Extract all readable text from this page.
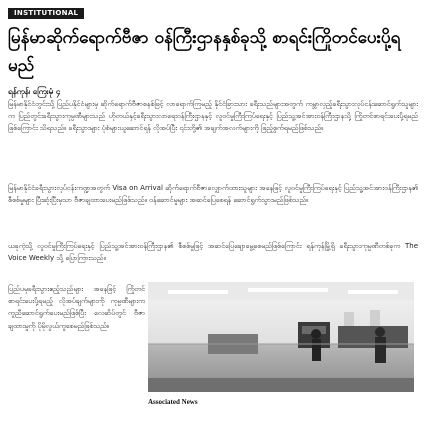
INSTITUTIONAL
မြန်မာဆိုက်ရောက်ဗီဇာ ဝန်ကြီးဌာနနှစ်ခုသို့ စာရင်းကြိုတင်ပေးပို့ရမည်
ရန်ကုန်၊ ကြေးမုံ ၄
မြန်မာနိုင်ငံတွင်းသို့ ပြည်ပနိုင်ငံများမှ ဆိုက်ရောက်ဗီဇာစနစ်ဖြင့် လာရောက်ကြမည့် နိုင်ငံခြားသား ခရီးသည်များအတွက် ကမ္ဘာလှည့်ခရီးသွားလုပ်ငန်းဆောင်ရွက်သူများက ပြည်တွင်းခရီးသွားကုမ္ပဏီများသည် ဟိုတယ်နှင့်ခရီးသွားလာရေးဝန်ကြီးဌာနနှင့် လူဝင်မှုကြီးကြပ်ရေးနှင့် ပြည်သူ့အင်အားဝန်ကြီးဌာနသို့ ကြိုတင်စာရင်းပေးပို့ရမည်ဖြစ်ကြောင်း သိရသည်။ ခရီးသွားများ ပုံစံများယူဆောင်ရန် လိုအပ်ပြီး ၎င်းတို့၏ အချက်အလက်များကို ဖြည့်စွက်ရမည်ဖြစ်သည်။
မြန်မာနိုင်ငံခရီးသွားလုပ်ငန်းကဏ္ဍအတွက် Visa on Arrival ဆိုက်ရောက်ဗီဇာလျှောက်ထားသူများ အနေဖြင့် လူဝင်မှုကြီးကြပ်ရေးနှင့် ပြည်သူ့အင်အားဝန်ကြီးဌာန၏ စီစစ်မှုများ ပြီးဆုံးပြီးမှသာ ဗီဇာချထားပေးမည်ဖြစ်သည်။ ဝန်ဆောင်မှုများ အဆင်ပြေစေရန် ဆောင်ရွက်သွားမည်ဖြစ်သည်။
ယခုကဲ့သို့ လူဝင်မှုကြီးကြပ်ရေးနှင့် ပြည်သူ့အင်အားဝန်ကြီးဌာန၏ စီစစ်မှုဖြင့် အဆင်ပြေချောမွေ့စေမည်ဖြစ်ကြောင်း ရန်ကုန်မြို့ရှိ ခရီးသွားကုမ္ပဏီတစ်ခုက The Voice Weekly သို့ ပြောကြားသည်။
ပြည်ပမှခရီးသွားဧည့်သည်များ အနေဖြင့် ကြိုတင်စာရင်းပေးပို့ရမည့် လိုအပ်ချက်များကို ကုမ္ပဏီများက ကူညီဆောင်ရွက်ပေးမည်ဖြစ်ပြီး လေဆိပ်တွင် ဗီဇာချထားမှုကို ပိုမိုလွယ်ကူစေမည်ဖြစ်သည်။
Associated News
